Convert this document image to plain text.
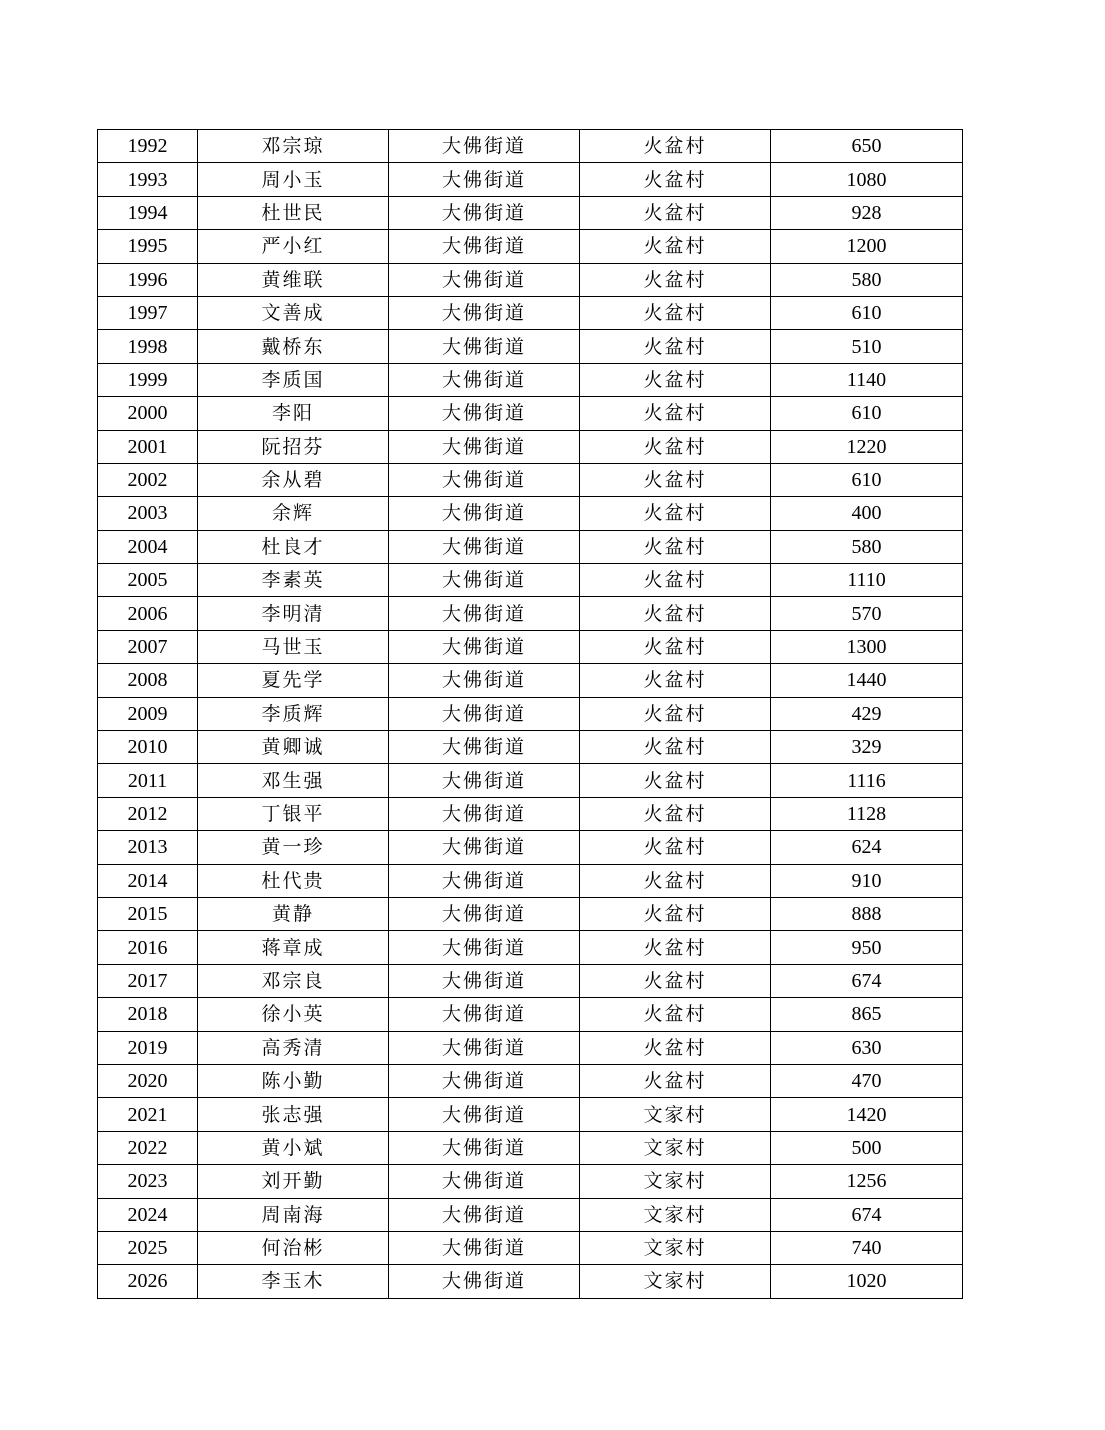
1992	邓宗琼	大佛街道	火盆村	650
1993	周小玉	大佛街道	火盆村	1080
1994	杜世民	大佛街道	火盆村	928
1995	严小红	大佛街道	火盆村	1200
1996	黄维联	大佛街道	火盆村	580
1997	文善成	大佛街道	火盆村	610
1998	戴桥东	大佛街道	火盆村	510
1999	李质国	大佛街道	火盆村	1140
2000	李阳	大佛街道	火盆村	610
2001	阮招芬	大佛街道	火盆村	1220
2002	余从碧	大佛街道	火盆村	610
2003	余辉	大佛街道	火盆村	400
2004	杜良才	大佛街道	火盆村	580
2005	李素英	大佛街道	火盆村	1110
2006	李明清	大佛街道	火盆村	570
2007	马世玉	大佛街道	火盆村	1300
2008	夏先学	大佛街道	火盆村	1440
2009	李质辉	大佛街道	火盆村	429
2010	黄卿诚	大佛街道	火盆村	329
2011	邓生强	大佛街道	火盆村	1116
2012	丁银平	大佛街道	火盆村	1128
2013	黄一珍	大佛街道	火盆村	624
2014	杜代贵	大佛街道	火盆村	910
2015	黄静	大佛街道	火盆村	888
2016	蒋章成	大佛街道	火盆村	950
2017	邓宗良	大佛街道	火盆村	674
2018	徐小英	大佛街道	火盆村	865
2019	高秀清	大佛街道	火盆村	630
2020	陈小勤	大佛街道	火盆村	470
2021	张志强	大佛街道	文家村	1420
2022	黄小斌	大佛街道	文家村	500
2023	刘开勤	大佛街道	文家村	1256
2024	周南海	大佛街道	文家村	674
2025	何治彬	大佛街道	文家村	740
2026	李玉木	大佛街道	文家村	1020
